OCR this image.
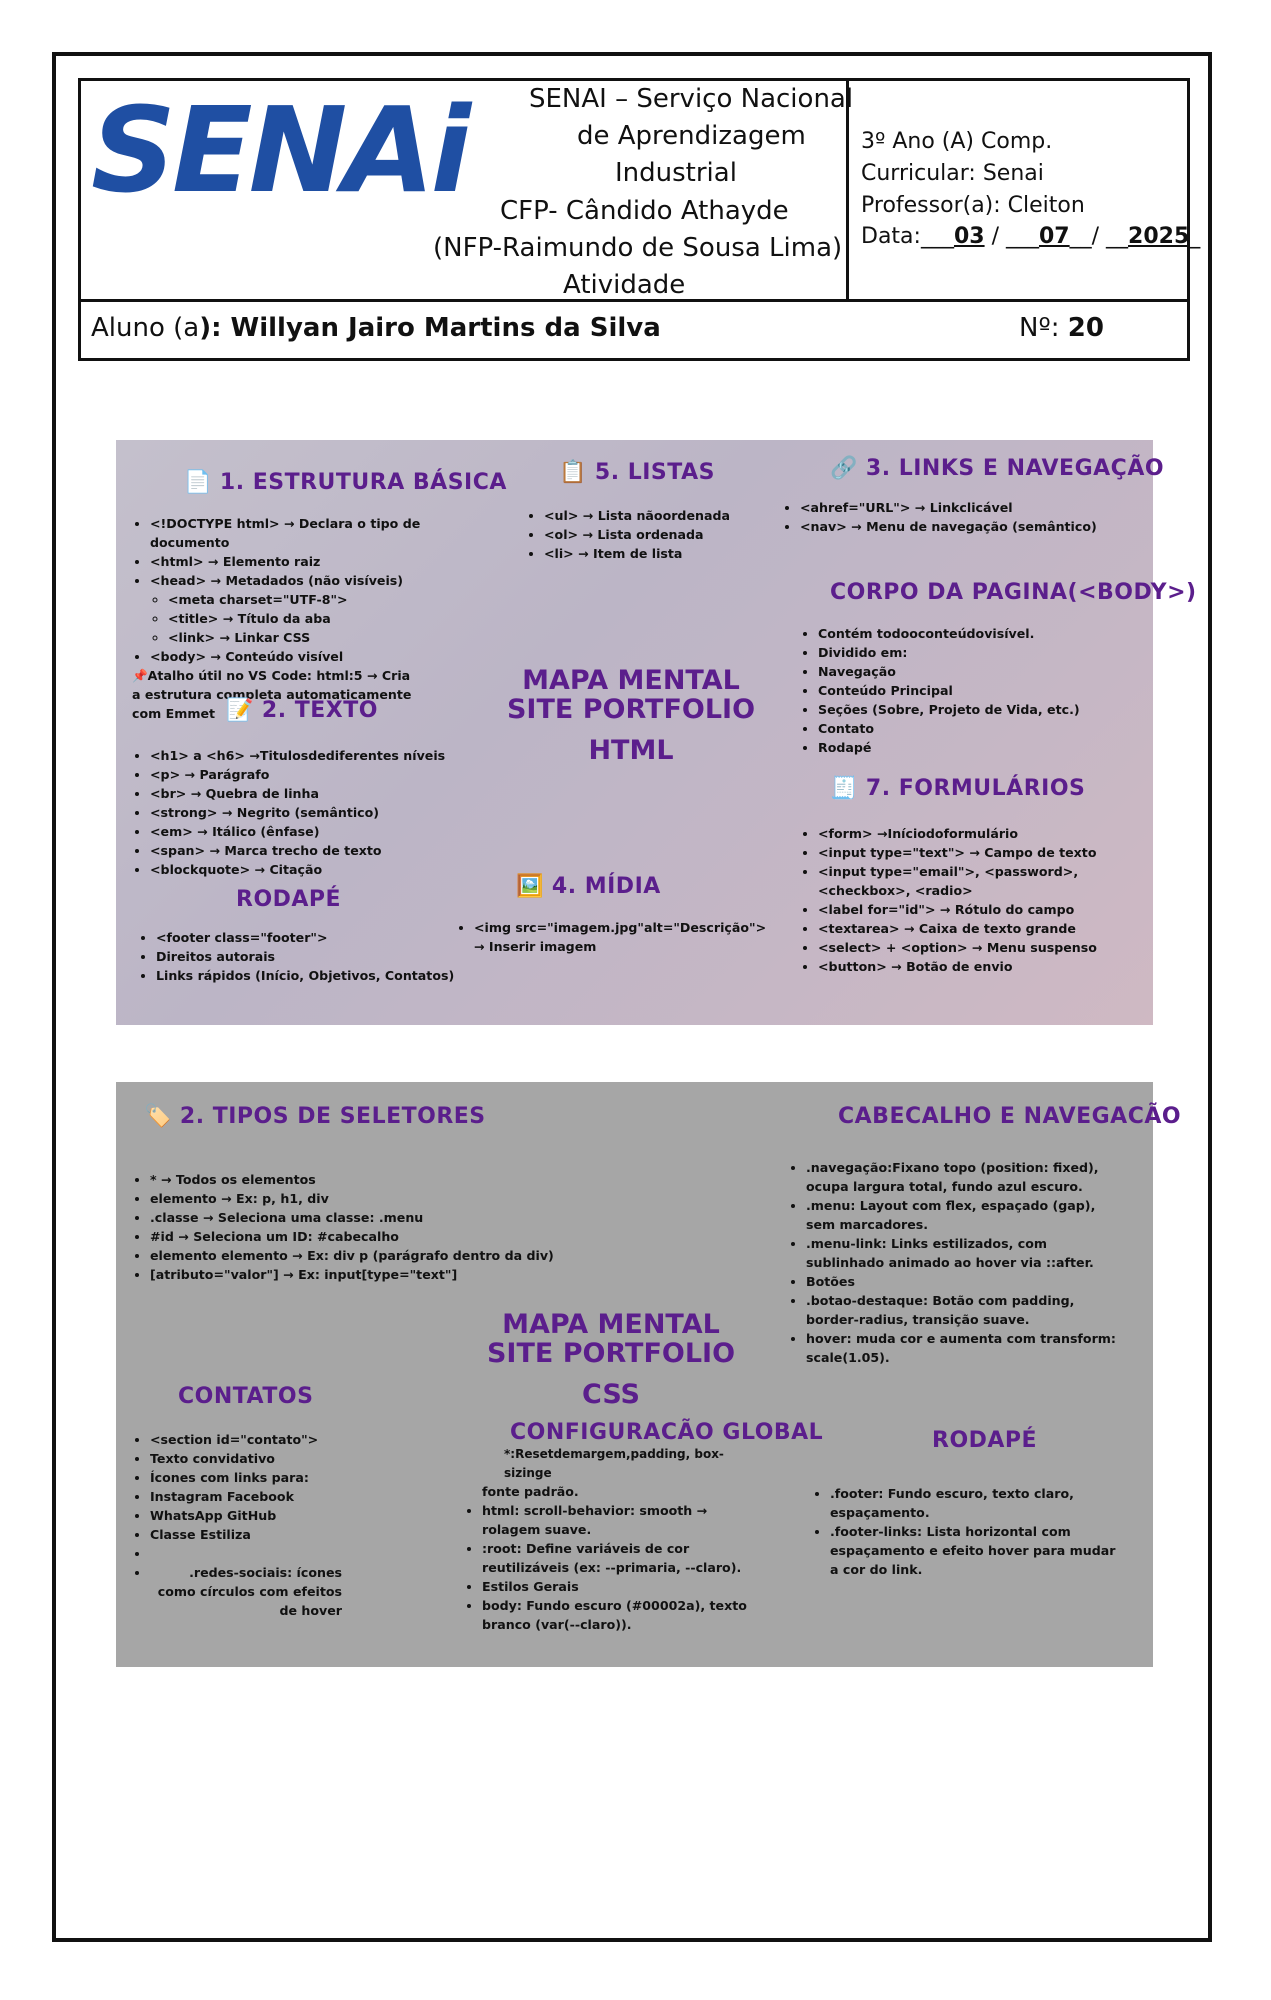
SENAi SENAI – Serviço Nacional
de Aprendizagem
Industrial
CFP- Cândido Athayde
(NFP-Raimundo de Sousa Lima)
Atividade
3º Ano (A) Comp.
Curricular: Senai
Professor(a): Cleiton
Data:___03 / ___07__/ __2025_
Aluno (a): Willyan Jairo Martins da Silva	Nº: 20
📄 1. ESTRUTURA BÁSICA
• <!DOCTYPE html> → Declara o tipo de documento
• <html> → Elemento raiz
• <head> → Metadados (não visíveis)
◦ <meta charset="UTF-8">
◦ <title> → Título da aba
◦ <link> → Linkar CSS
• <body> → Conteúdo visível
📌Atalho útil no VS Code: html:5 → Cria a estrutura completa automaticamente com Emmet 📝 2. TEXTO
• <h1> a <h6> →Titulosdediferentes níveis
• <p> → Parágrafo
• <br> → Quebra de linha
• <strong> → Negrito (semântico)
• <em> → Itálico (ênfase)
• <span> → Marca trecho de texto
• <blockquote> → Citação
RODAPÉ
• <footer class="footer">
• Direitos autorais
• Links rápidos (Início, Objetivos, Contatos)
📋 5. LISTAS
• <ul> → Lista nãoordenada
• <ol> → Lista ordenada
• <li> → Item de lista
MAPA MENTAL
SITE PORTFOLIO
HTML
🖼️ 4. MÍDIA
• <img src="imagem.jpg"alt="Descrição"> → Inserir imagem
🔗 3. LINKS E NAVEGAÇÃO
• <ahref="URL"> → Linkclicável
• <nav> → Menu de navegação (semântico)
CORPO DA PAGINA(<BODY>)
• Contém todooconteúdovisível.
• Dividido em:
• Navegação
• Conteúdo Principal
• Seções (Sobre, Projeto de Vida, etc.)
• Contato
• Rodapé
🧾 7. FORMULÁRIOS
• <form> →Iníciodoformulário
• <input type="text"> → Campo de texto
• <input type="email">, <password>, <checkbox>, <radio>
• <label for="id"> → Rótulo do campo
• <textarea> → Caixa de texto grande
• <select> + <option> → Menu suspenso
• <button> → Botão de envio
🏷️ 2. TIPOS DE SELETORES
• * → Todos os elementos
• elemento → Ex: p, h1, div
• .classe → Seleciona uma classe: .menu
• #id → Seleciona um ID: #cabecalho
• elemento elemento → Ex: div p (parágrafo dentro da div)
• [atributo="valor"] → Ex: input[type="text"]
CABECALHO E NAVEGACÃO
• .navegação:Fixano topo (position: fixed), ocupa largura total, fundo azul escuro.
• .menu: Layout com flex, espaçado (gap), sem marcadores.
• .menu-link: Links estilizados, com sublinhado animado ao hover via ::after.
• Botões
• .botao-destaque: Botão com padding, border-radius, transição suave.
• hover: muda cor e aumenta com transform: scale(1.05).
MAPA MENTAL
SITE PORTFOLIO
CSS
CONTATOS
• <section id="contato">
• Texto convidativo
• Ícones com links para:
• Instagram Facebook
• WhatsApp GitHub
• Classe Estiliza
•
• .redes-sociais: ícones como círculos com efeitos de hover
CONFIGURACÃO GLOBAL
*:Resetdemargem,padding, box-sizinge
fonte padrão.
• html: scroll-behavior: smooth → rolagem suave.
• :root: Define variáveis de cor reutilizáveis (ex: --primaria, --claro).
• Estilos Gerais
• body: Fundo escuro (#00002a), texto branco (var(--claro)).
RODAPÉ
• .footer: Fundo escuro, texto claro, espaçamento.
• .footer-links: Lista horizontal com espaçamento e efeito hover para mudar a cor do link.
